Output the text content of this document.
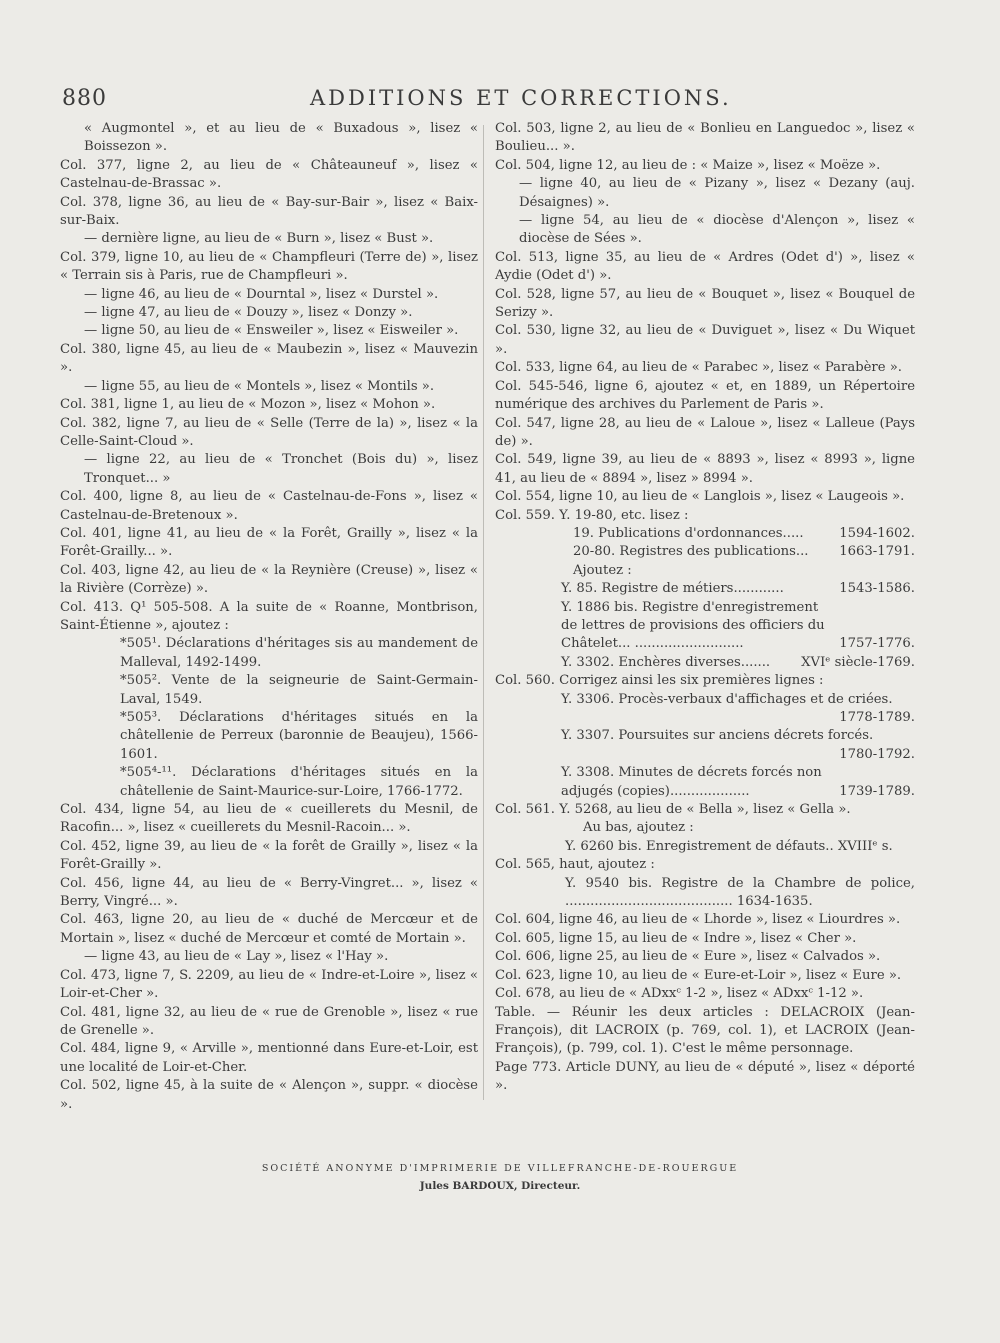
880	ADDITIONS ET CORRECTIONS.

« Augmontel », et au lieu de « Buxadous », lisez « Boissezon ».

Col. 377, ligne 2, au lieu de « Châteauneuf », lisez « Castelnau-de-Brassac ».

Col. 378, ligne 36, au lieu de « Bay-sur-Bair », lisez « Baix-sur-Baix.

— dernière ligne, au lieu de « Burn », lisez « Bust ».

Col. 379, ligne 10, au lieu de « Champfleuri (Terre de) », lisez « Terrain sis à Paris, rue de Champfleuri ».

— ligne 46, au lieu de « Dourntal », lisez « Durstel ».

— ligne 47, au lieu de « Douzy », lisez « Donzy ».

— ligne 50, au lieu de « Ensweiler », lisez « Eisweiler ».

Col. 380, ligne 45, au lieu de « Maubezin », lisez « Mauvezin ».

— ligne 55, au lieu de « Montels », lisez « Montils ».

Col. 381, ligne 1, au lieu de « Mozon », lisez « Mohon ».

Col. 382, ligne 7, au lieu de « Selle (Terre de la) », lisez « la Celle-Saint-Cloud ».

— ligne 22, au lieu de « Tronchet (Bois du) », lisez Tronquet... »

Col. 400, ligne 8, au lieu de « Castelnau-de-Fons », lisez « Castelnau-de-Bretenoux ».

Col. 401, ligne 41, au lieu de « la Forêt, Grailly », lisez « la Forêt-Grailly... ».

Col. 403, ligne 42, au lieu de « la Reynière (Creuse) », lisez « la Rivière (Corrèze) ».

Col. 413. Q¹ 505-508. A la suite de « Roanne, Montbrison, Saint-Étienne », ajoutez :

*505¹. Déclarations d'héritages sis au mandement de Malleval, 1492-1499.

*505². Vente de la seigneurie de Saint-Germain-Laval, 1549.

*505³. Déclarations d'héritages situés en la châtellenie de Perreux (baronnie de Beaujeu), 1566-1601.

*505⁴-¹¹. Déclarations d'héritages situés en la châtellenie de Saint-Maurice-sur-Loire, 1766-1772.

Col. 434, ligne 54, au lieu de « cueillerets du Mesnil, de Racofin... », lisez « cueillerets du Mesnil-Racoin... ».

Col. 452, ligne 39, au lieu de « la forêt de Grailly », lisez « la Forêt-Grailly ».

Col. 456, ligne 44, au lieu de « Berry-Vingret... », lisez « Berry, Vingré... ».

Col. 463, ligne 20, au lieu de « duché de Mercœur et de Mortain », lisez « duché de Mercœur et comté de Mortain ».

— ligne 43, au lieu de « Lay », lisez « l'Hay ».

Col. 473, ligne 7, S. 2209, au lieu de « Indre-et-Loire », lisez « Loir-et-Cher ».

Col. 481, ligne 32, au lieu de « rue de Grenoble », lisez « rue de Grenelle ».

Col. 484, ligne 9, « Arville », mentionné dans Eure-et-Loir, est une localité de Loir-et-Cher.

Col. 502, ligne 45, à la suite de « Alençon », suppr. « diocèse ».

Col. 503, ligne 2, au lieu de « Bonlieu en Languedoc », lisez « Boulieu... ».

Col. 504, ligne 12, au lieu de : « Maize », lisez « Moëze ».

— ligne 40, au lieu de « Pizany », lisez « Dezany (auj. Désaignes) ».

— ligne 54, au lieu de « diocèse d'Alençon », lisez « diocèse de Sées ».

Col. 513, ligne 35, au lieu de « Ardres (Odet d') », lisez « Aydie (Odet d') ».

Col. 528, ligne 57, au lieu de « Bouquet », lisez « Bouquel de Serizy ».

Col. 530, ligne 32, au lieu de « Duviguet », lisez « Du Wiquet ».

Col. 533, ligne 64, au lieu de « Parabec », lisez « Parabère ».

Col. 545-546, ligne 6, ajoutez « et, en 1889, un Répertoire numérique des archives du Parlement de Paris ».

Col. 547, ligne 28, au lieu de « Laloue », lisez « Lalleue (Pays de) ».

Col. 549, ligne 39, au lieu de « 8893 », lisez « 8993 », ligne 41, au lieu de « 8894 », lisez » 8994 ».

Col. 554, ligne 10, au lieu de « Langlois », lisez « Laugeois ».

Col. 559. Y. 19-80, etc. lisez :

19. Publications d'ordonnances.....	1594-1602.
20-80. Registres des publications...	1663-1791.

Ajoutez :

Y. 85. Registre de métiers............	1543-1586.
Y. 1886 bis. Registre d'enregistrement de lettres de provisions des officiers du Châtelet... ..........................	1757-1776.
Y. 3302. Enchères diverses.......	XVIᵉ siècle-1769.

Col. 560. Corrigez ainsi les six premières lignes :

Y. 3306. Procès-verbaux d'affichages et de criées.
1778-1789.
Y. 3307. Poursuites sur anciens décrets forcés.
1780-1792.
Y. 3308. Minutes de décrets forcés non adjugés (copies)...................	1739-1789.

Col. 561. Y. 5268, au lieu de « Bella », lisez « Gella ».

Au bas, ajoutez :

Y. 6260 bis. Enregistrement de défauts.. XVIIIᵉ s.

Col. 565, haut, ajoutez :

Y. 9540 bis. Registre de la Chambre de police, ........................................ 1634-1635.

Col. 604, ligne 46, au lieu de « Lhorde », lisez « Liourdres ».

Col. 605, ligne 15, au lieu de « Indre », lisez « Cher ».

Col. 606, ligne 25, au lieu de « Eure », lisez « Calvados ».

Col. 623, ligne 10, au lieu de « Eure-et-Loir », lisez « Eure ».

Col. 678, au lieu de « ADxxᶜ 1-2 », lisez « ADxxᶜ 1-12 ».

Table. — Réunir les deux articles : DELACROIX (Jean-François), dit LACROIX (p. 769, col. 1), et LACROIX (Jean-François), (p. 799, col. 1). C'est le même personnage.

Page 773. Article DUNY, au lieu de « député », lisez « déporté ».

SOCIÉTÉ ANONYME D'IMPRIMERIE DE VILLEFRANCHE-DE-ROUERGUE
Jules BARDOUX, Directeur.
